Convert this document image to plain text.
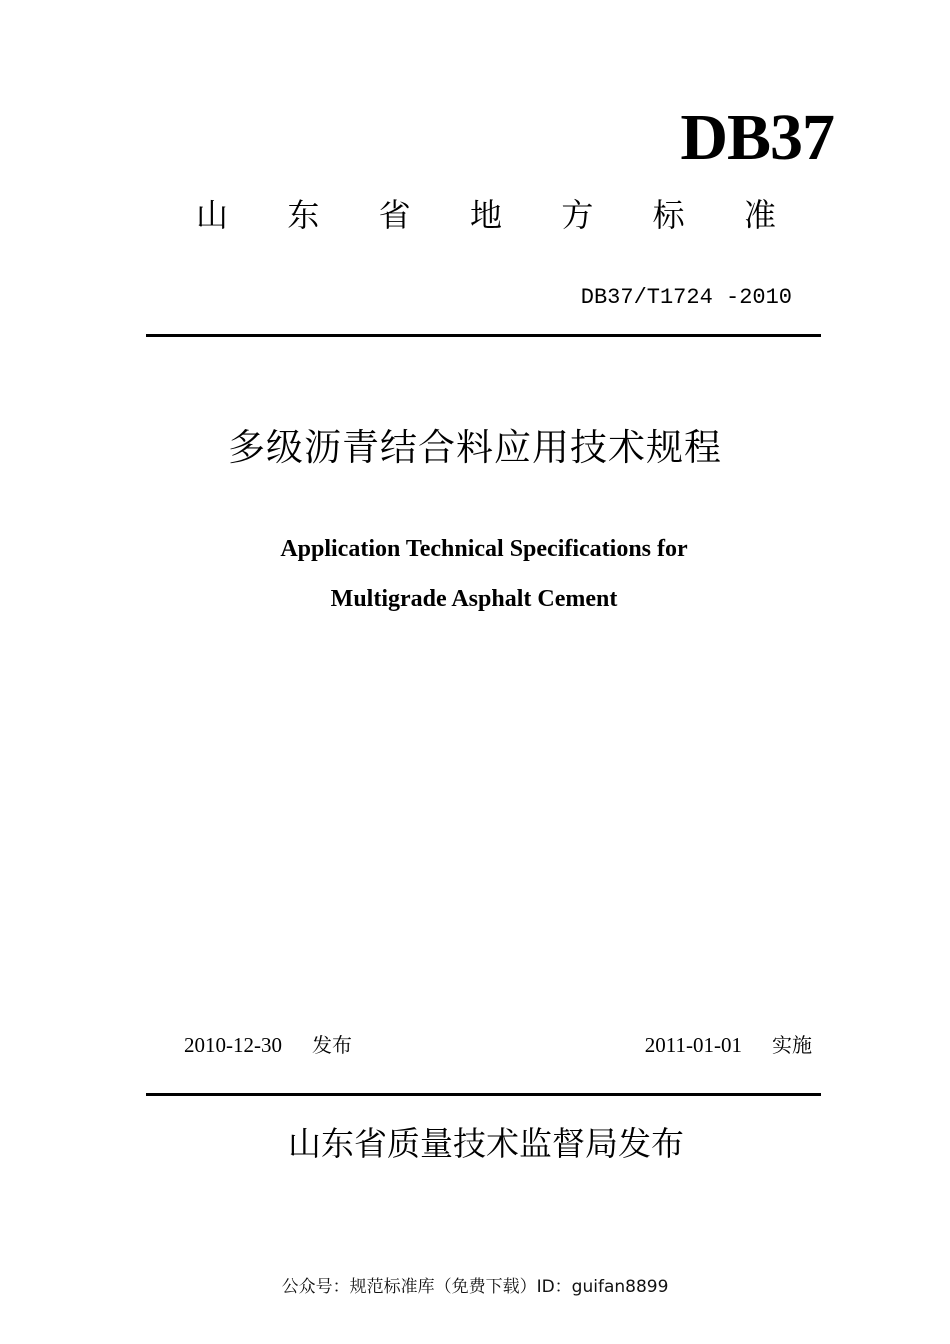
DB37
山 东 省 地 方 标 准
DB37/T1724 -2010
多级沥青结合料应用技术规程
Application Technical Specifications for
Multigrade Asphalt Cement
2010-12-30 发布	2011-01-01 实施
山东省质量技术监督局发布
公众号：规范标准库（免费下载）ID：guifan8899
